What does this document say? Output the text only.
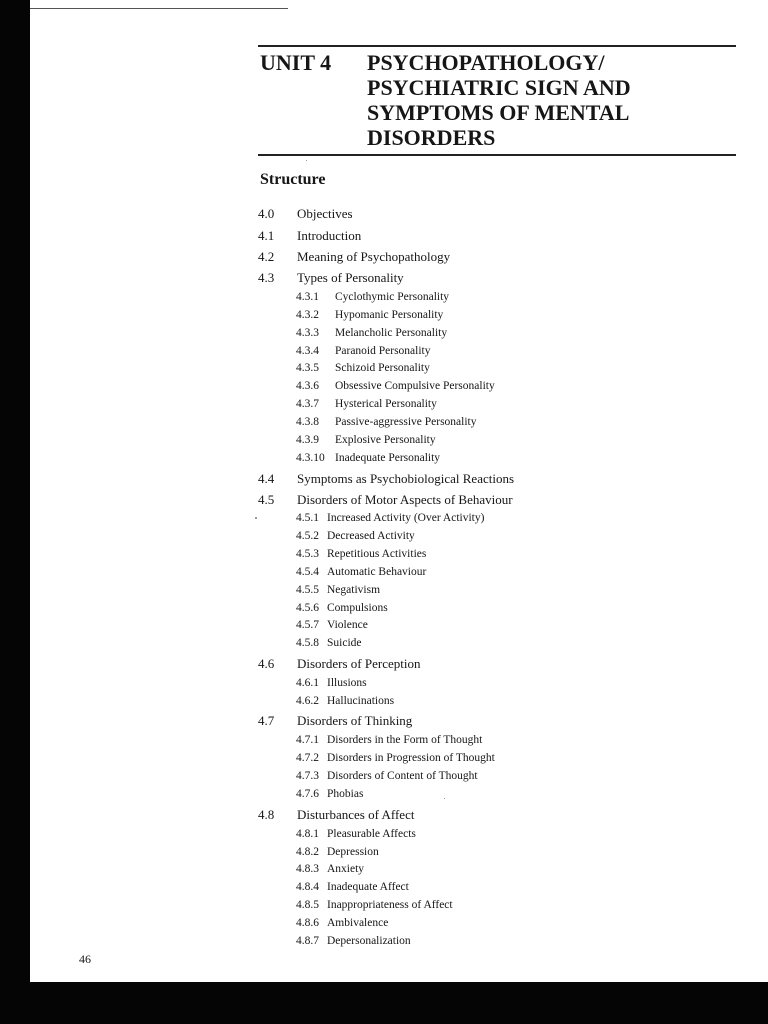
UNIT 4 PSYCHOPATHOLOGY/
PSYCHIATRIC SIGN AND
SYMPTOMS OF MENTAL
DISORDERS
Structure
4.0 Objectives
4.1 Introduction
4.2 Meaning of Psychopathology
4.3 Types of Personality
4.3.1 Cyclothymic Personality
4.3.2 Hypomanic Personality
4.3.3 Melancholic Personality
4.3.4 Paranoid Personality
4.3.5 Schizoid Personality
4.3.6 Obsessive Compulsive Personality
4.3.7 Hysterical Personality
4.3.8 Passive-aggressive Personality
4.3.9 Explosive Personality
4.3.10 Inadequate Personality
4.4 Symptoms as Psychobiological Reactions
4.5 Disorders of Motor Aspects of Behaviour
4.5.1 Increased Activity (Over Activity)
4.5.2 Decreased Activity
4.5.3 Repetitious Activities
4.5.4 Automatic Behaviour
4.5.5 Negativism
4.5.6 Compulsions
4.5.7 Violence
4.5.8 Suicide
4.6 Disorders of Perception
4.6.1 Illusions
4.6.2 Hallucinations
4.7 Disorders of Thinking
4.7.1 Disorders in the Form of Thought
4.7.2 Disorders in Progression of Thought
4.7.3 Disorders of Content of Thought
4.7.6 Phobias
4.8 Disturbances of Affect
4.8.1 Pleasurable Affects
4.8.2 Depression
4.8.3 Anxiety
4.8.4 Inadequate Affect
4.8.5 Inappropriateness of Affect
4.8.6 Ambivalence
4.8.7 Depersonalization
46
